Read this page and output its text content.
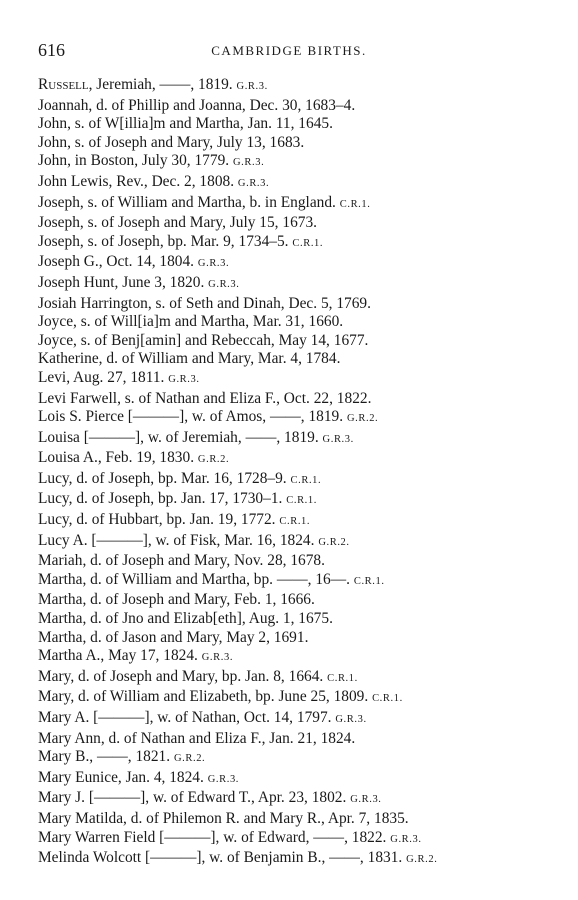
616	CAMBRIDGE BIRTHS.
Russell, Jeremiah, ——, 1819. G.R.3.
Joannah, d. of Phillip and Joanna, Dec. 30, 1683–4.
John, s. of W[illia]m and Martha, Jan. 11, 1645.
John, s. of Joseph and Mary, July 13, 1683.
John, in Boston, July 30, 1779. G.R.3.
John Lewis, Rev., Dec. 2, 1808. G.R.3.
Joseph, s. of William and Martha, b. in England. C.R.1.
Joseph, s. of Joseph and Mary, July 15, 1673.
Joseph, s. of Joseph, bp. Mar. 9, 1734–5. C.R.1.
Joseph G., Oct. 14, 1804. G.R.3.
Joseph Hunt, June 3, 1820. G.R.3.
Josiah Harrington, s. of Seth and Dinah, Dec. 5, 1769.
Joyce, s. of Will[ia]m and Martha, Mar. 31, 1660.
Joyce, s. of Benj[amin] and Rebeccah, May 14, 1677.
Katherine, d. of William and Mary, Mar. 4, 1784.
Levi, Aug. 27, 1811. G.R.3.
Levi Farwell, s. of Nathan and Eliza F., Oct. 22, 1822.
Lois S. Pierce [———], w. of Amos, ——, 1819. G.R.2.
Louisa [———], w. of Jeremiah, ——, 1819. G.R.3.
Louisa A., Feb. 19, 1830. G.R.2.
Lucy, d. of Joseph, bp. Mar. 16, 1728–9. C.R.1.
Lucy, d. of Joseph, bp. Jan. 17, 1730–1. C.R.1.
Lucy, d. of Hubbart, bp. Jan. 19, 1772. C.R.1.
Lucy A. [———], w. of Fisk, Mar. 16, 1824. G.R.2.
Mariah, d. of Joseph and Mary, Nov. 28, 1678.
Martha, d. of William and Martha, bp. ——, 16—. C.R.1.
Martha, d. of Joseph and Mary, Feb. 1, 1666.
Martha, d. of Jno and Elizab[eth], Aug. 1, 1675.
Martha, d. of Jason and Mary, May 2, 1691.
Martha A., May 17, 1824. G.R.3.
Mary, d. of Joseph and Mary, bp. Jan. 8, 1664. C.R.1.
Mary, d. of William and Elizabeth, bp. June 25, 1809. C.R.1.
Mary A. [———], w. of Nathan, Oct. 14, 1797. G.R.3.
Mary Ann, d. of Nathan and Eliza F., Jan. 21, 1824.
Mary B., ——, 1821. G.R.2.
Mary Eunice, Jan. 4, 1824. G.R.3.
Mary J. [———], w. of Edward T., Apr. 23, 1802. G.R.3.
Mary Matilda, d. of Philemon R. and Mary R., Apr. 7, 1835.
Mary Warren Field [———], w. of Edward, ——, 1822. G.R.3.
Melinda Wolcott [———], w. of Benjamin B., ——, 1831. G.R.2.
